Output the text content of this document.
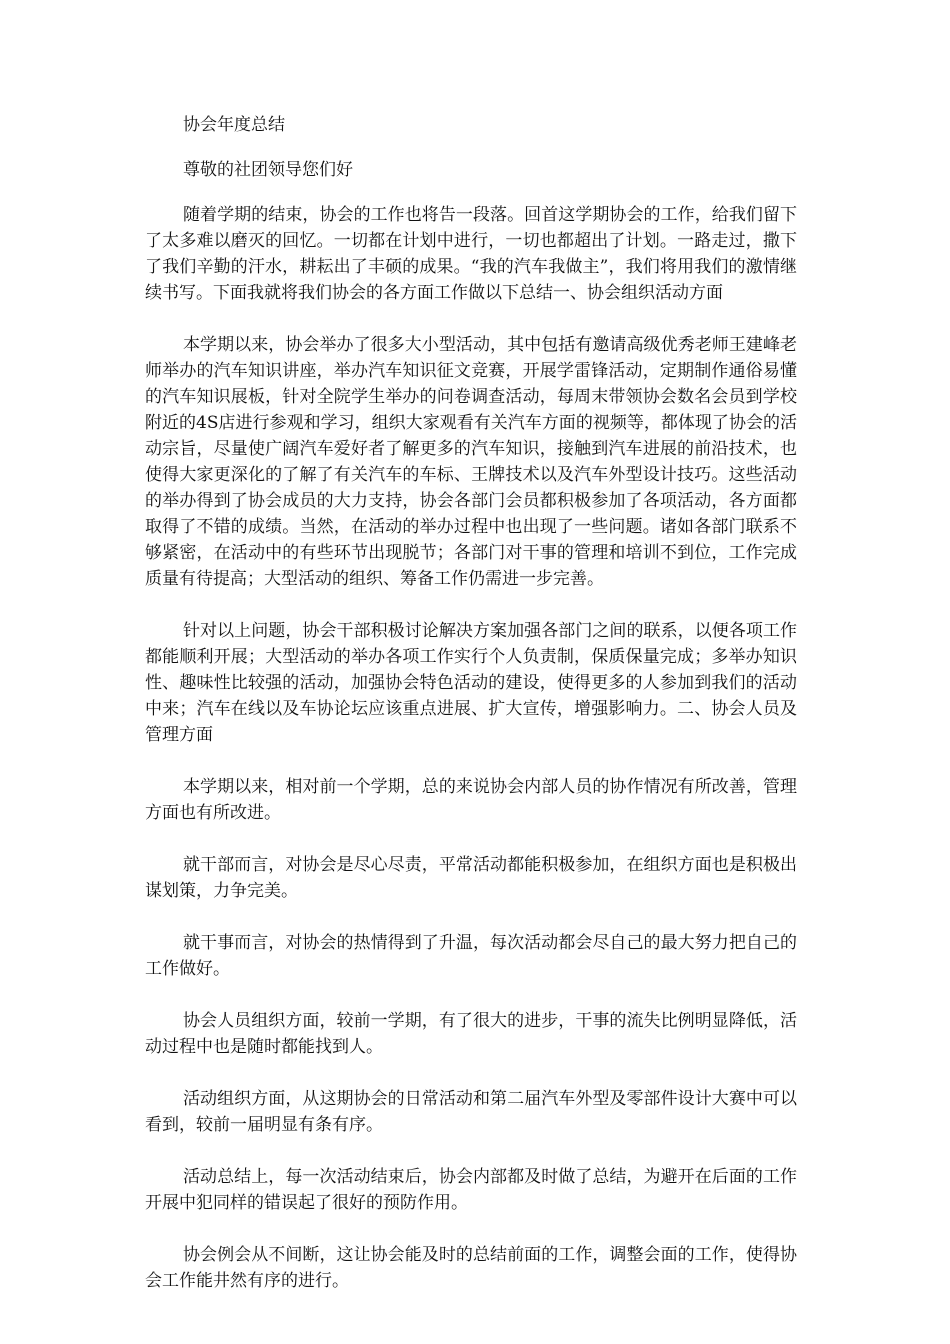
协会年度总结

尊敬的社团领导您们好

随着学期的结束，协会的工作也将告一段落。回首这学期协会的工作，给我们留下了太多难以磨灭的回忆。一切都在计划中进行，一切也都超出了计划。一路走过，撒下了我们辛勤的汗水，耕耘出了丰硕的成果。“我的汽车我做主”，我们将用我们的激情继续书写。下面我就将我们协会的各方面工作做以下总结一、协会组织活动方面

本学期以来，协会举办了很多大小型活动，其中包括有邀请高级优秀老师王建峰老师举办的汽车知识讲座，举办汽车知识征文竞赛，开展学雷锋活动，定期制作通俗易懂的汽车知识展板，针对全院学生举办的问卷调查活动，每周末带领协会数名会员到学校附近的4S店进行参观和学习，组织大家观看有关汽车方面的视频等，都体现了协会的活动宗旨，尽量使广阔汽车爱好者了解更多的汽车知识，接触到汽车进展的前沿技术，也使得大家更深化的了解了有关汽车的车标、王牌技术以及汽车外型设计技巧。这些活动的举办得到了协会成员的大力支持，协会各部门会员都积极参加了各项活动，各方面都取得了不错的成绩。当然，在活动的举办过程中也出现了一些问题。诸如各部门联系不够紧密，在活动中的有些环节出现脱节；各部门对干事的管理和培训不到位，工作完成质量有待提高；大型活动的组织、筹备工作仍需进一步完善。

针对以上问题，协会干部积极讨论解决方案加强各部门之间的联系，以便各项工作都能顺利开展；大型活动的举办各项工作实行个人负责制，保质保量完成；多举办知识性、趣味性比较强的活动，加强协会特色活动的建设，使得更多的人参加到我们的活动中来；汽车在线以及车协论坛应该重点进展、扩大宣传，增强影响力。二、协会人员及管理方面

本学期以来，相对前一个学期，总的来说协会内部人员的协作情况有所改善，管理方面也有所改进。

就干部而言，对协会是尽心尽责，平常活动都能积极参加，在组织方面也是积极出谋划策，力争完美。

就干事而言，对协会的热情得到了升温，每次活动都会尽自己的最大努力把自己的工作做好。

协会人员组织方面，较前一学期，有了很大的进步，干事的流失比例明显降低，活动过程中也是随时都能找到人。

活动组织方面，从这期协会的日常活动和第二届汽车外型及零部件设计大赛中可以看到，较前一届明显有条有序。

活动总结上，每一次活动结束后，协会内部都及时做了总结，为避开在后面的工作开展中犯同样的错误起了很好的预防作用。

协会例会从不间断，这让协会能及时的总结前面的工作，调整会面的工作，使得协会工作能井然有序的进行。
